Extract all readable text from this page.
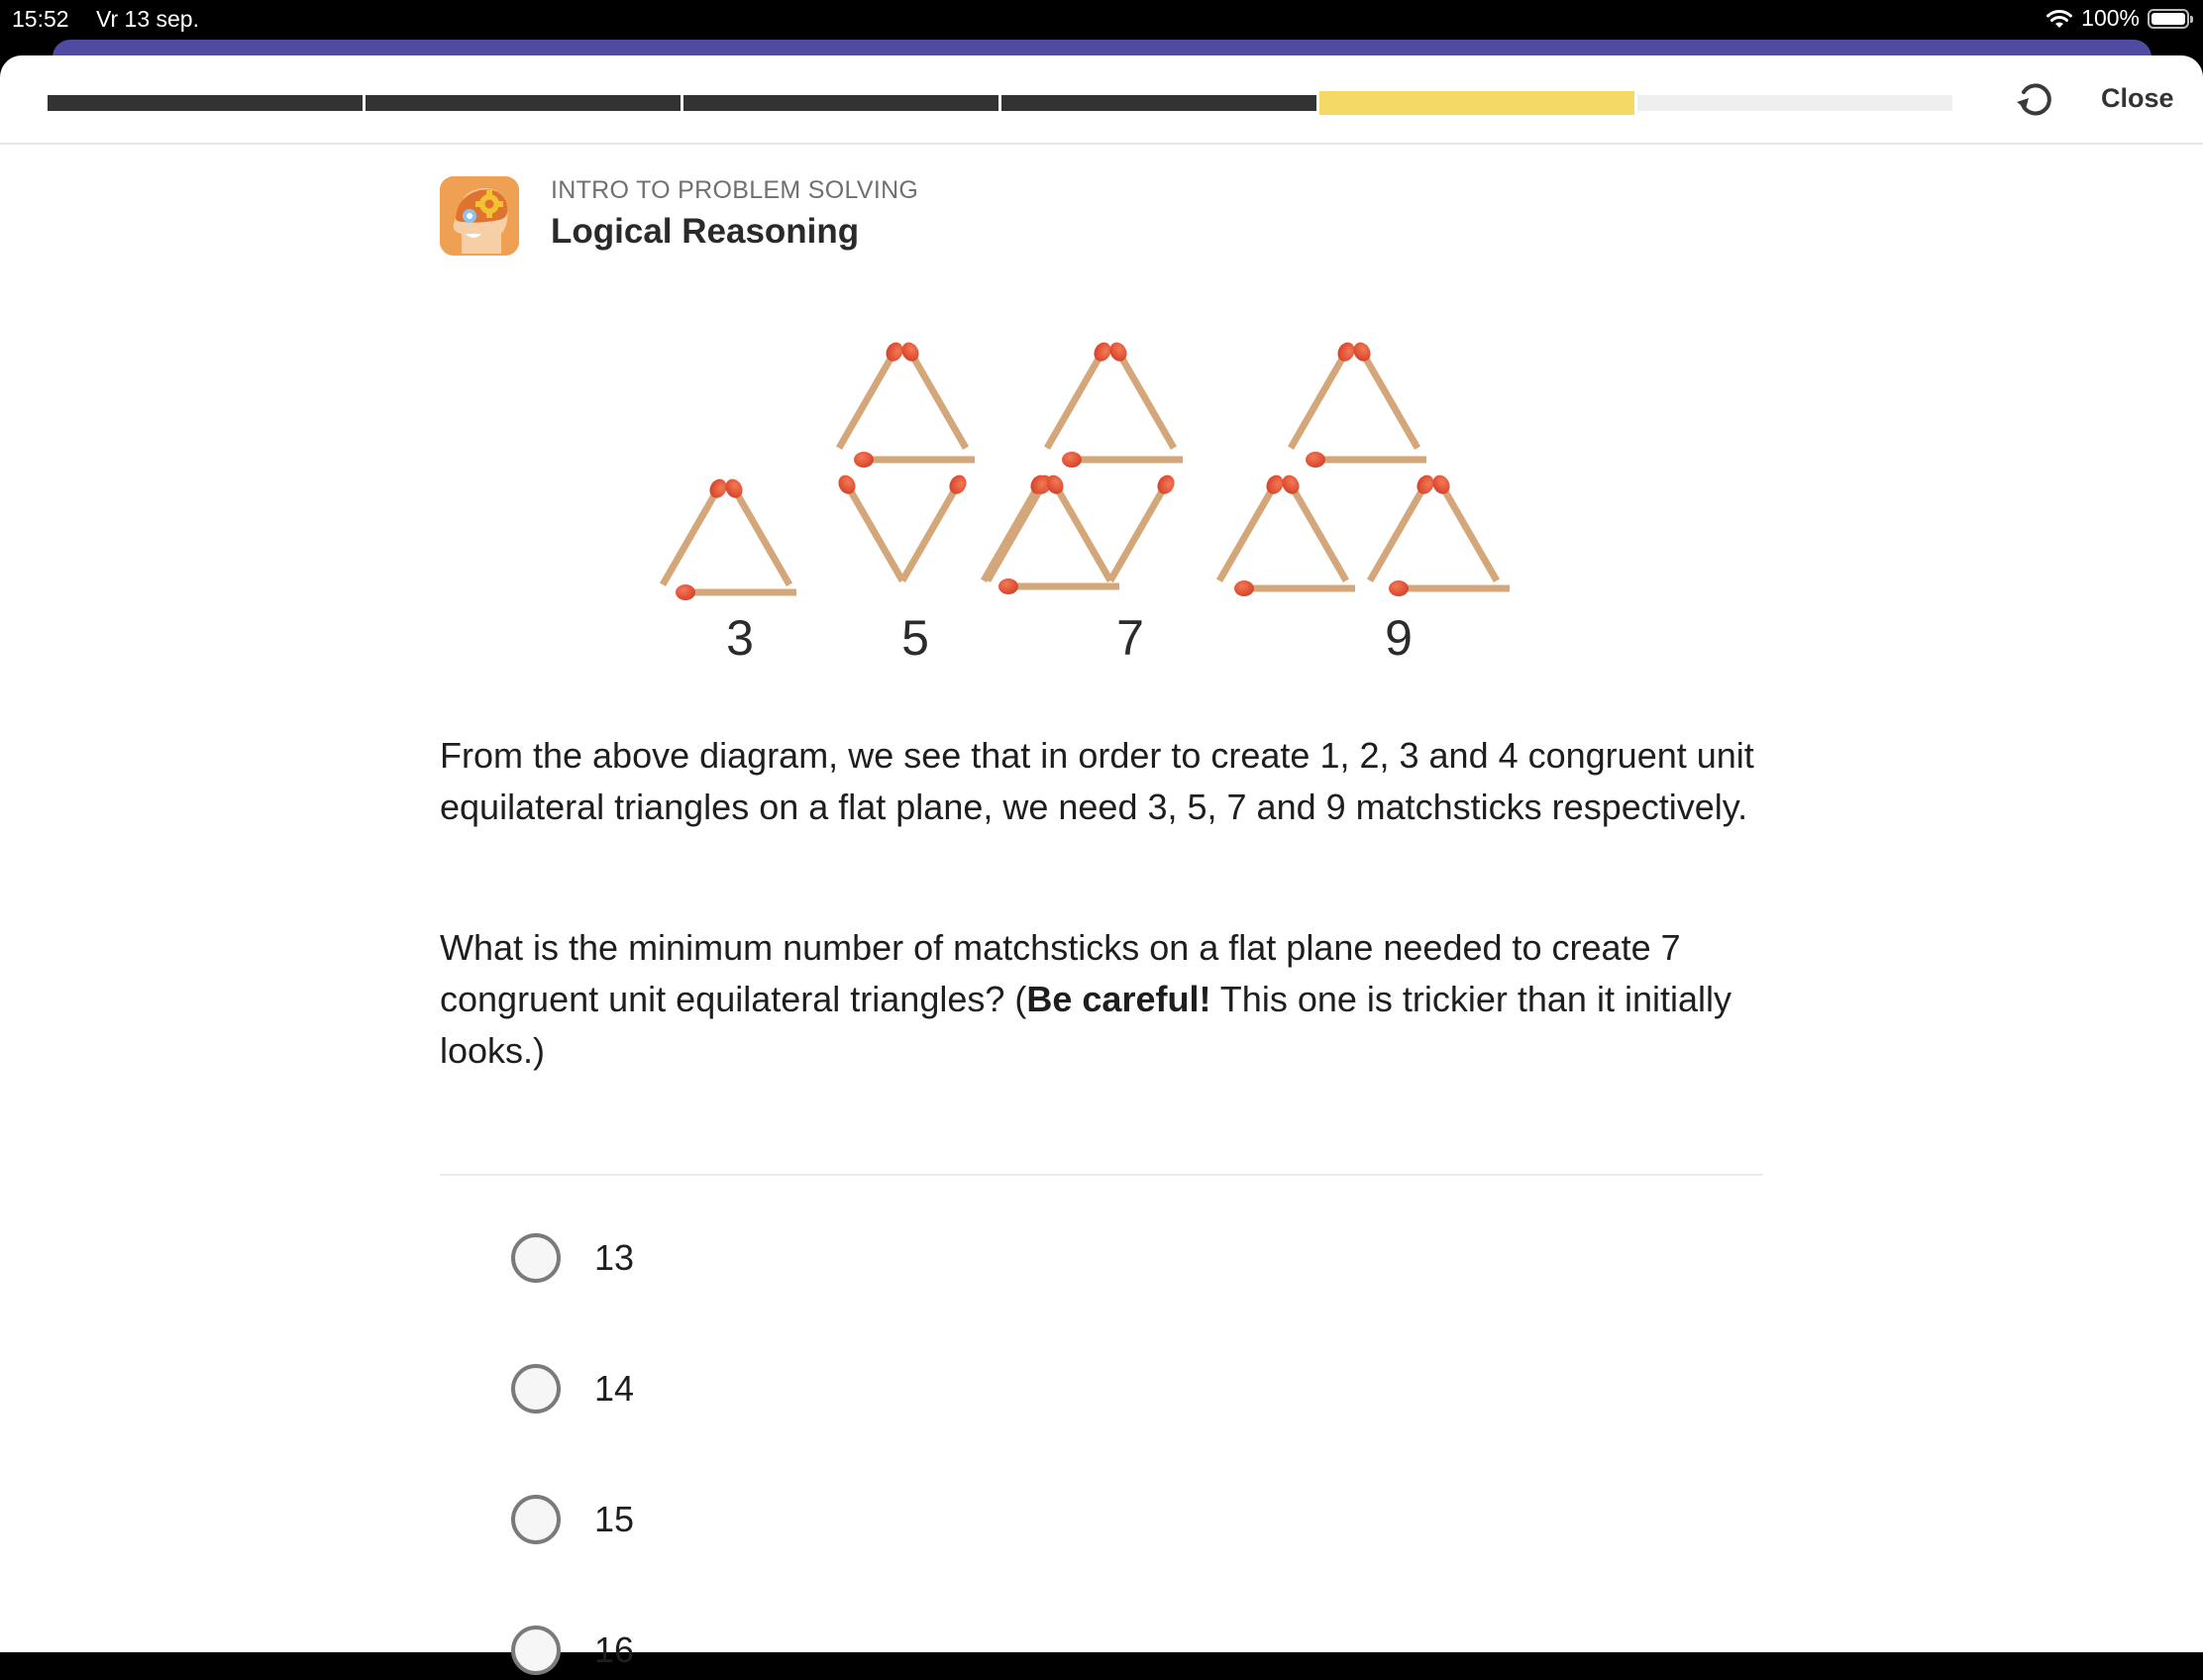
15:52 Vr 13 sep.	100%
Close
INTRO TO PROBLEM SOLVING
Logical Reasoning
3	5	7	9

From the above diagram, we see that in order to create 1, 2, 3 and 4 congruent unit equilateral triangles on a flat plane, we need 3, 5, 7 and 9 matchsticks respectively.

What is the minimum number of matchsticks on a flat plane needed to create 7 congruent unit equilateral triangles? (Be careful! This one is trickier than it initially looks.)

13
14
15
16
